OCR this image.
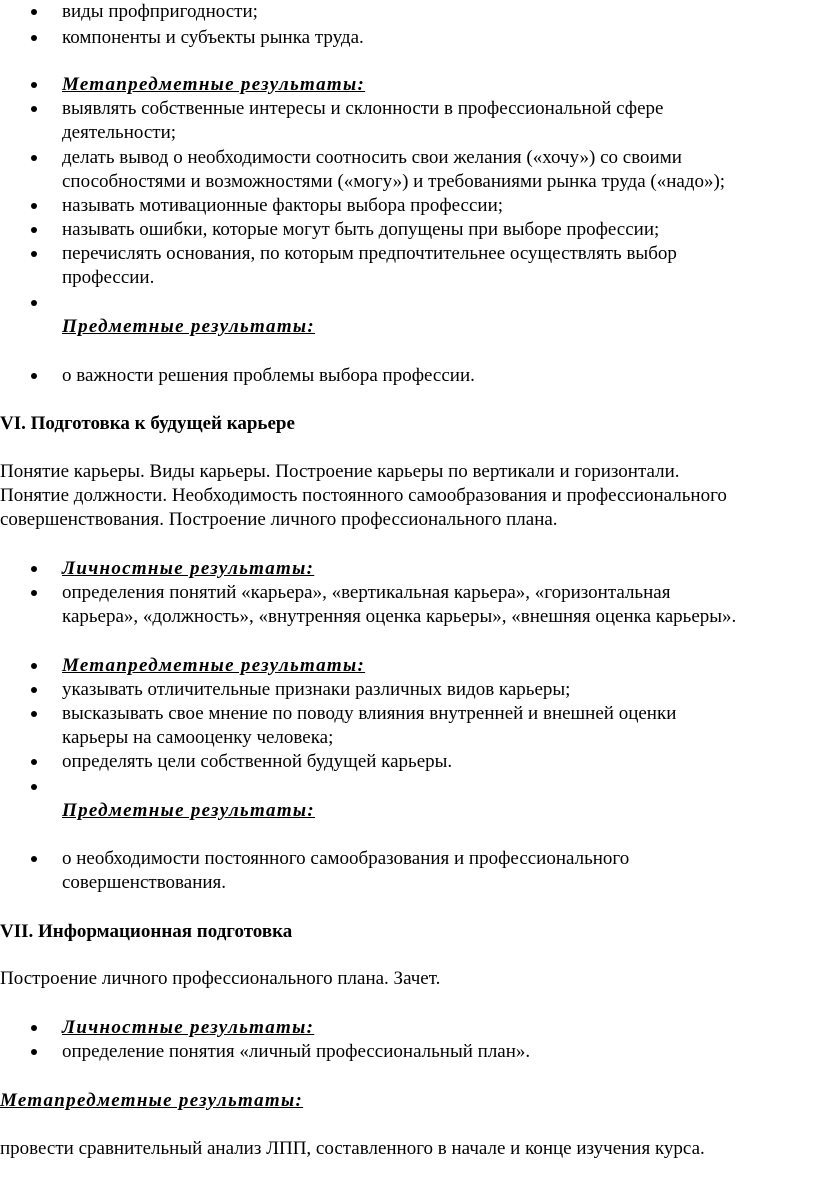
виды профпригодности;
компоненты и субъекты рынка труда.
Метапредметные результаты:
выявлять собственные интересы и склонности в профессиональной сфере
деятельности;
делать вывод о необходимости соотносить свои желания («хочу») со своими
способностями и возможностями («могу») и требованиями рынка труда («надо»);
называть мотивационные факторы выбора профессии;
называть ошибки, которые могут быть допущены при выборе профессии;
перечислять основания, по которым предпочтительнее осуществлять выбор
профессии.
Предметные результаты:
о важности решения проблемы выбора профессии.
VI. Подготовка к будущей карьере
Понятие карьеры. Виды карьеры. Построение карьеры по вертикали и горизонтали.
Понятие должности. Необходимость постоянного самообразования и профессионального
совершенствования. Построение личного профессионального плана.
Личностные результаты:
определения понятий «карьера», «вертикальная карьера», «горизонтальная
карьера», «должность», «внутренняя оценка карьеры», «внешняя оценка карьеры».
Метапредметные результаты:
указывать отличительные признаки различных видов карьеры;
высказывать свое мнение по поводу влияния внутренней и внешней оценки
карьеры на самооценку человека;
определять цели собственной будущей карьеры.
Предметные результаты:
о необходимости постоянного самообразования и профессионального
совершенствования.
VII. Информационная подготовка
Построение личного профессионального плана. Зачет.
Личностные результаты:
определение понятия «личный профессиональный план».
Метапредметные результаты:
провести сравнительный анализ ЛПП, составленного в начале и конце изучения курса.
